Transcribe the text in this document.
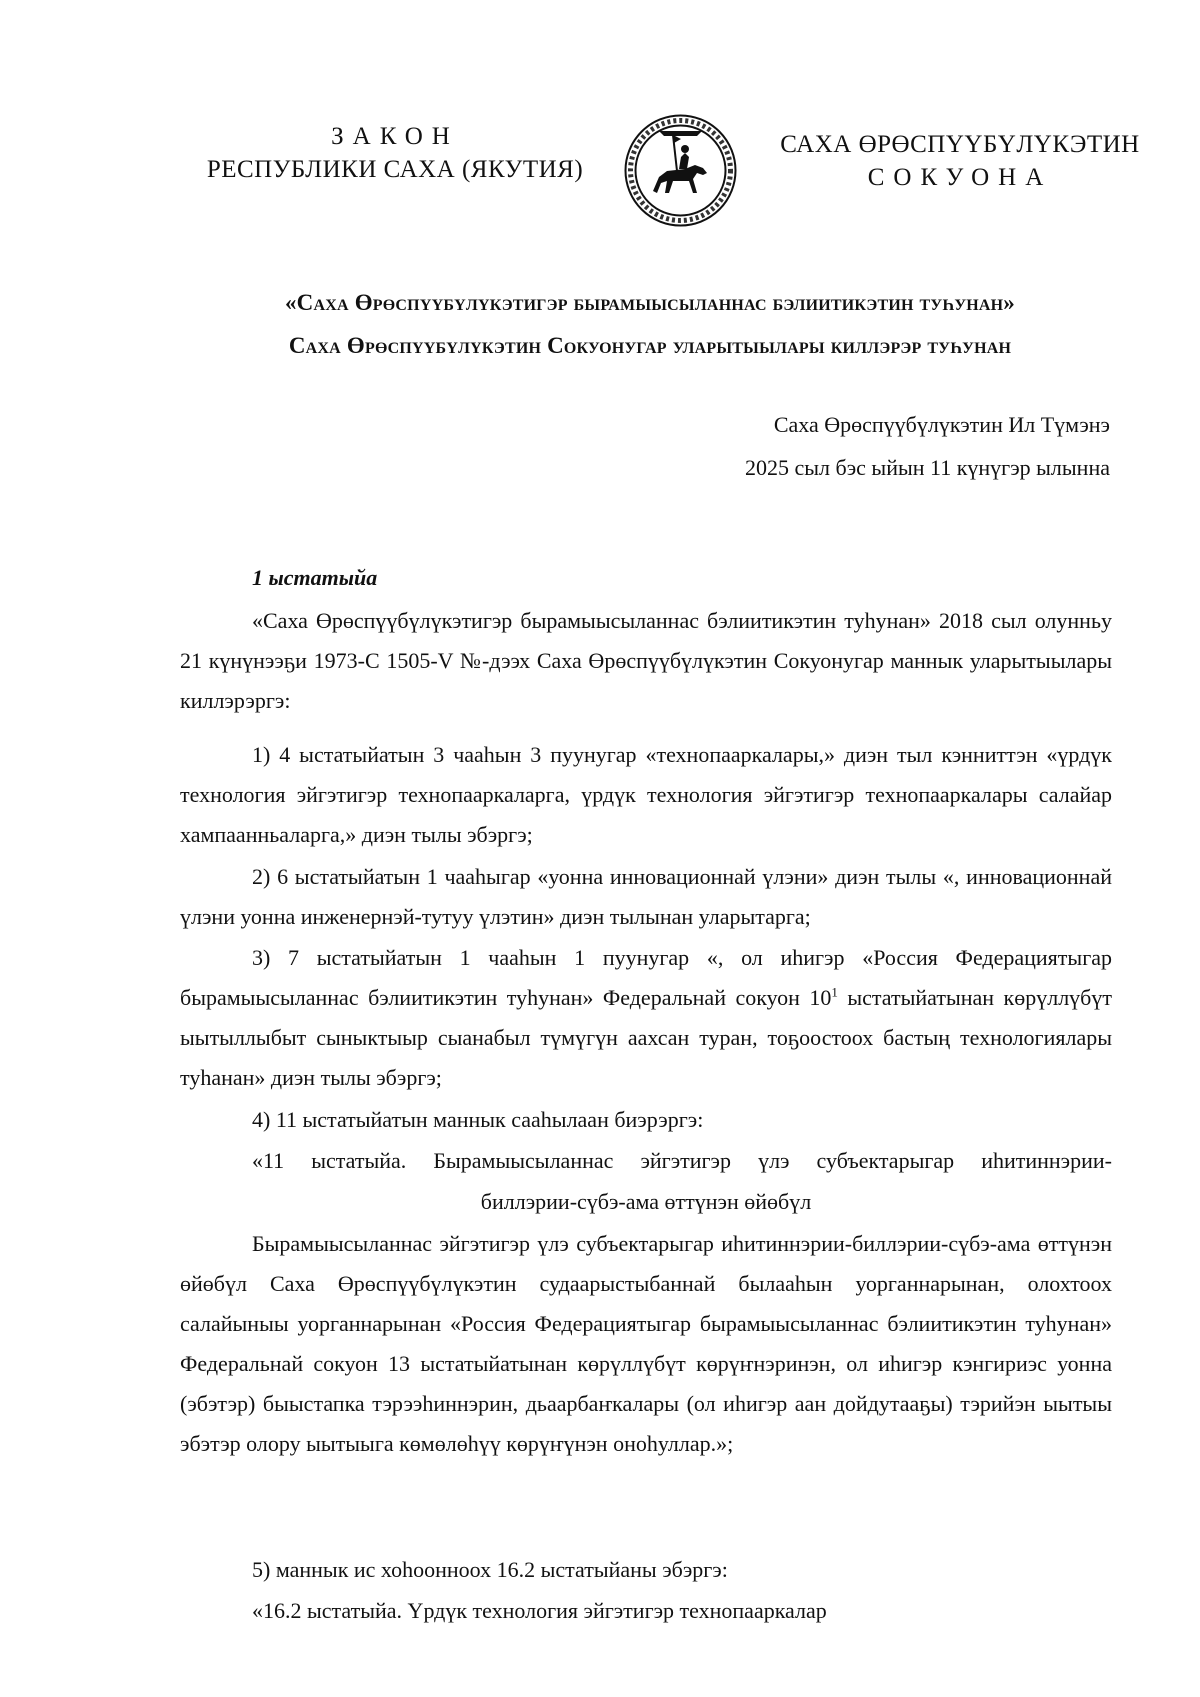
ЗАКОН
РЕСПУБЛИКИ САХА (ЯКУТИЯ)
САХА ӨРӨСПҮҮБҮЛҮКЭТИН
СОКУОНА
«Саха Өрөспүүбүлүкэтигэр бырамыысыланнас бэлиитикэтин туһунан»
Саха Өрөспүүбүлүкэтин Сокуонугар уларытыылары киллэрэр туһунан
Саха Өрөспүүбүлүкэтин Ил Түмэнэ
2025 сыл бэс ыйын 11 күнүгэр ылынна
1 ыстатыйа
«Саха Өрөспүүбүлүкэтигэр бырамыысыланнас бэлиитикэтин туһунан» 2018 сыл олунньу 21 күнүнээҕи 1973-С 1505-V №-дээх Саха Өрөспүүбүлүкэтин Сокуонугар маннык уларытыылары киллэрэргэ:
1) 4 ыстатыйатын 3 чааһын 3 пуунугар «технопааркалары,» диэн тыл кэнниттэн «үрдүк технология эйгэтигэр технопааркаларга, үрдүк технология эйгэтигэр технопааркалары салайар хампаанньаларга,» диэн тылы эбэргэ;
2) 6 ыстатыйатын 1 чааһыгар «уонна инновационнай үлэни» диэн тылы «, инновационнай үлэни уонна инженернэй-тутуу үлэтин» диэн тылынан уларытарга;
3) 7 ыстатыйатын 1 чааһын 1 пуунугар «, ол иһигэр «Россия Федерациятыгар бырамыысыланнас бэлиитикэтин туһунан» Федеральнай сокуон $10^1$ ыстатыйатынан көрүллүбүт ыытыллыбыт сыныктыыр сыанабыл түмүгүн аахсан туран, тоҕоостоох бастың технологиялары туһанан» диэн тылы эбэргэ;
4) 11 ыстатыйатын маннык сааһылаан биэрэргэ:
«11 ыстатыйа. Бырамыысыланнас эйгэтигэр үлэ субъектарыгар иһитиннэрии-
биллэрии-сүбэ-ама өттүнэн өйөбүл
Бырамыысыланнас эйгэтигэр үлэ субъектарыгар иһитиннэрии-биллэрии-сүбэ-ама өттүнэн өйөбүл Саха Өрөспүүбүлүкэтин судаарыстыбаннай былааһын уорганнарынан, олохтоох салайыныы уорганнарынан «Россия Федерациятыгар бырамыысыланнас бэлиитикэтин туһунан» Федеральнай сокуон 13 ыстатыйатынан көрүллүбүт көрүҥнэринэн, ол иһигэр кэнгириэс уонна (эбэтэр) быыстапка тэрээһиннэрин, дьаарбаҥкалары (ол иһигэр аан дойдутааҕы) тэрийэн ыытыы эбэтэр олору ыытыыга көмөлөһүү көрүҥүнэн оноһуллар.»;
5) маннык ис хоһоонноох 16.2 ыстатыйаны эбэргэ:
«16.2 ыстатыйа. Үрдүк технология эйгэтигэр технопааркалар
